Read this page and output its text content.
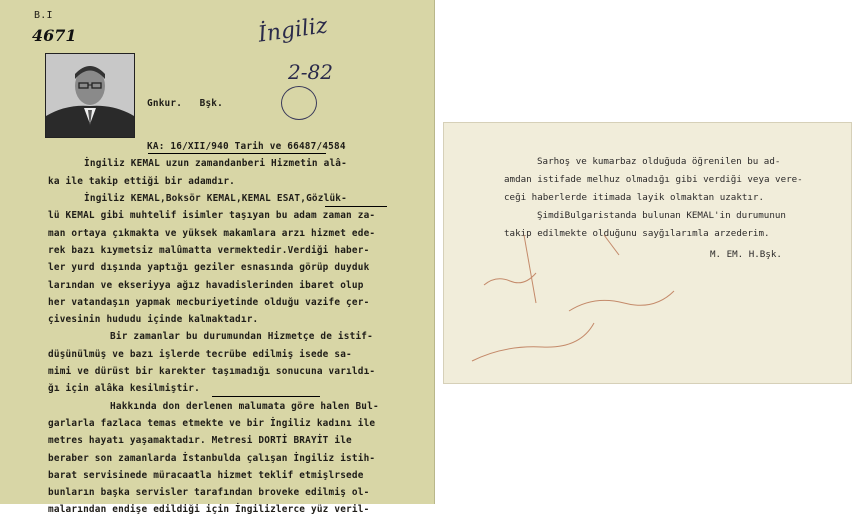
B.I
4671
Gnkur.   Bşk.
İngiliz
2-82
KA: 16/XII/940 Tarih ve 66487/4584
İngiliz KEMAL uzun zamandanberi Hizmetin alâ-
ka ile takip ettiği bir adamdır.
İngiliz KEMAL,Boksör KEMAL,KEMAL ESAT,Gözlük-
lü KEMAL gibi muhtelif isimler taşıyan bu adam zaman za-
man ortaya çıkmakta ve yüksek makamlara arzı hizmet ede-
rek bazı kıymetsiz malûmatta vermektedir.Verdiği haber-
ler yurd dışında yaptığı geziler esnasında görüp duyduk
larından ve ekseriyya ağız havadislerinden ibaret olup
her vatandaşın yapmak mecburiyetinde olduğu vazife çer-
çivesinin hududu içinde kalmaktadır.
Bir zamanlar bu durumundan Hizmetçe de istif-
düşünülmüş ve bazı işlerde tecrübe edilmiş isede sa-
mimi ve dürüst bir karekter taşımadığı sonucuna varıldı-
ğı için alâka kesilmiştir.
Hakkında don derlenen malumata göre halen Bul-
garlarla fazlaca temas etmekte ve bir İngiliz kadını ile
metres hayatı yaşamaktadır. Metresi DORTİ BRAYİT ile
beraber son zamanlarda İstanbulda çalışan İngiliz istih-
barat servisinede müracaatla hizmet teklif etmişlrsede
bunların başka servisler tarafından broveke edilmiş ol-
malarından endişe edildiği için İngilizlerce yüz veril-
Sarhoş ve kumarbaz olduğuda öğrenilen bu ad-
amdan istifade melhuz olmadığı gibi verdiği veya vere-
ceği haberlerde itimada layik olmaktan uzaktır.
ŞimdiBulgaristanda bulunan KEMAL'in durumunun
takip edilmekte olduğunu sayğılarımla arzederim.
M. EM. H.Bşk.
